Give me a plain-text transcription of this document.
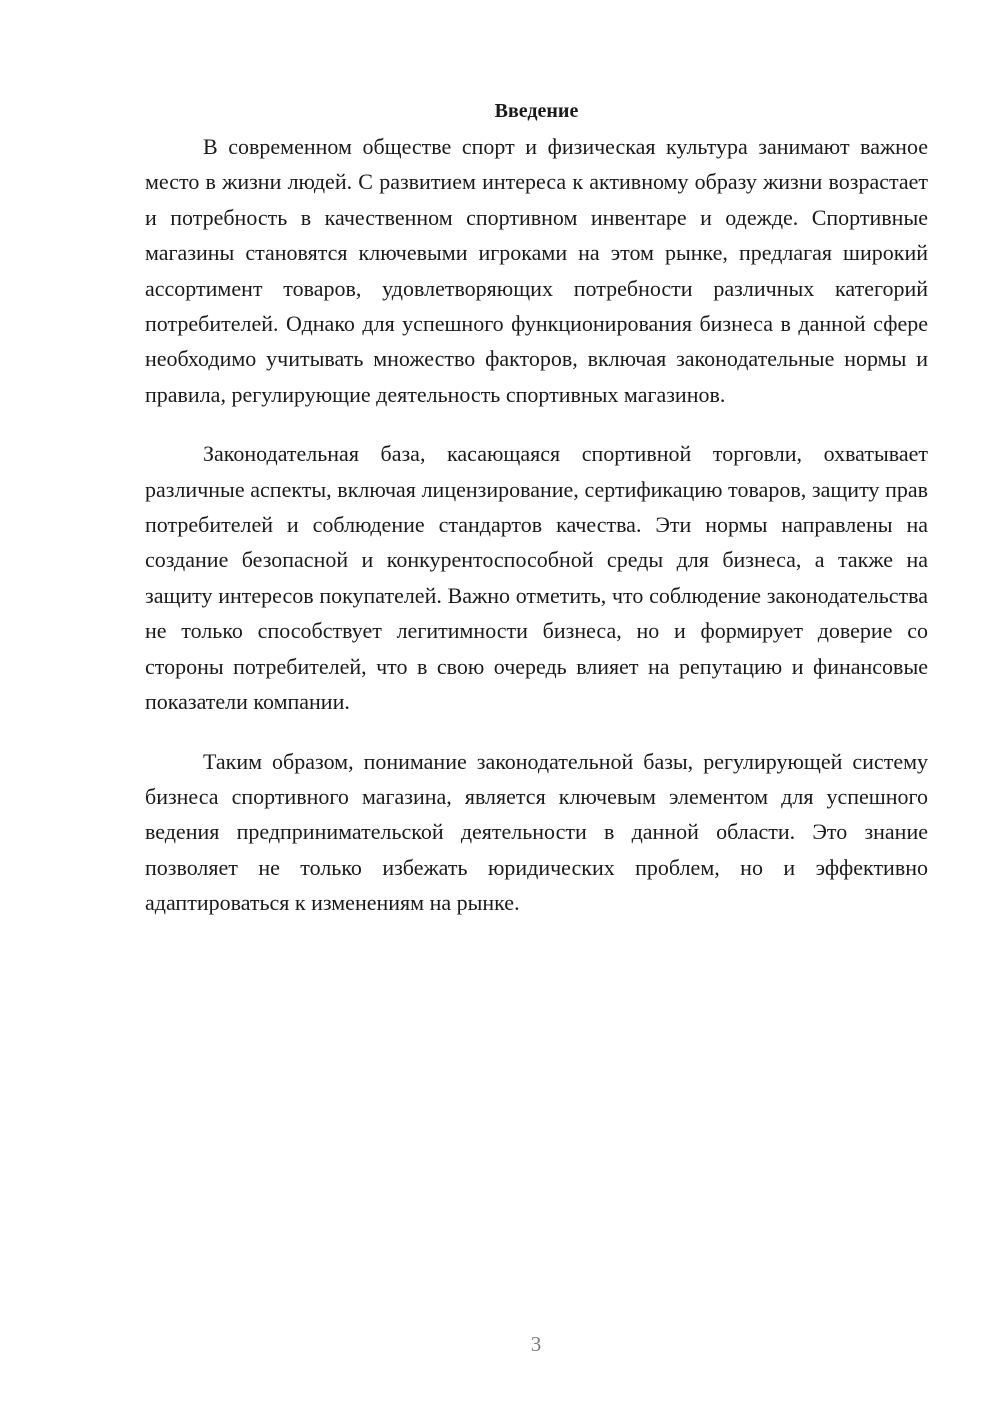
Введение

В современном обществе спорт и физическая культура занимают важное место в жизни людей. С развитием интереса к активному образу жизни возрастает и потребность в качественном спортивном инвентаре и одежде. Спортивные магазины становятся ключевыми игроками на этом рынке, предлагая широкий ассортимент товаров, удовлетворяющих потребности различных категорий потребителей. Однако для успешного функционирования бизнеса в данной сфере необходимо учитывать множество факторов, включая законодательные нормы и правила, регулирующие деятельность спортивных магазинов.

Законодательная база, касающаяся спортивной торговли, охватывает различные аспекты, включая лицензирование, сертификацию товаров, защиту прав потребителей и соблюдение стандартов качества. Эти нормы направлены на создание безопасной и конкурентоспособной среды для бизнеса, а также на защиту интересов покупателей. Важно отметить, что соблюдение законодательства не только способствует легитимности бизнеса, но и формирует доверие со стороны потребителей, что в свою очередь влияет на репутацию и финансовые показатели компании.

Таким образом, понимание законодательной базы, регулирующей систему бизнеса спортивного магазина, является ключевым элементом для успешного ведения предпринимательской деятельности в данной области. Это знание позволяет не только избежать юридических проблем, но и эффективно адаптироваться к изменениям на рынке.

3
